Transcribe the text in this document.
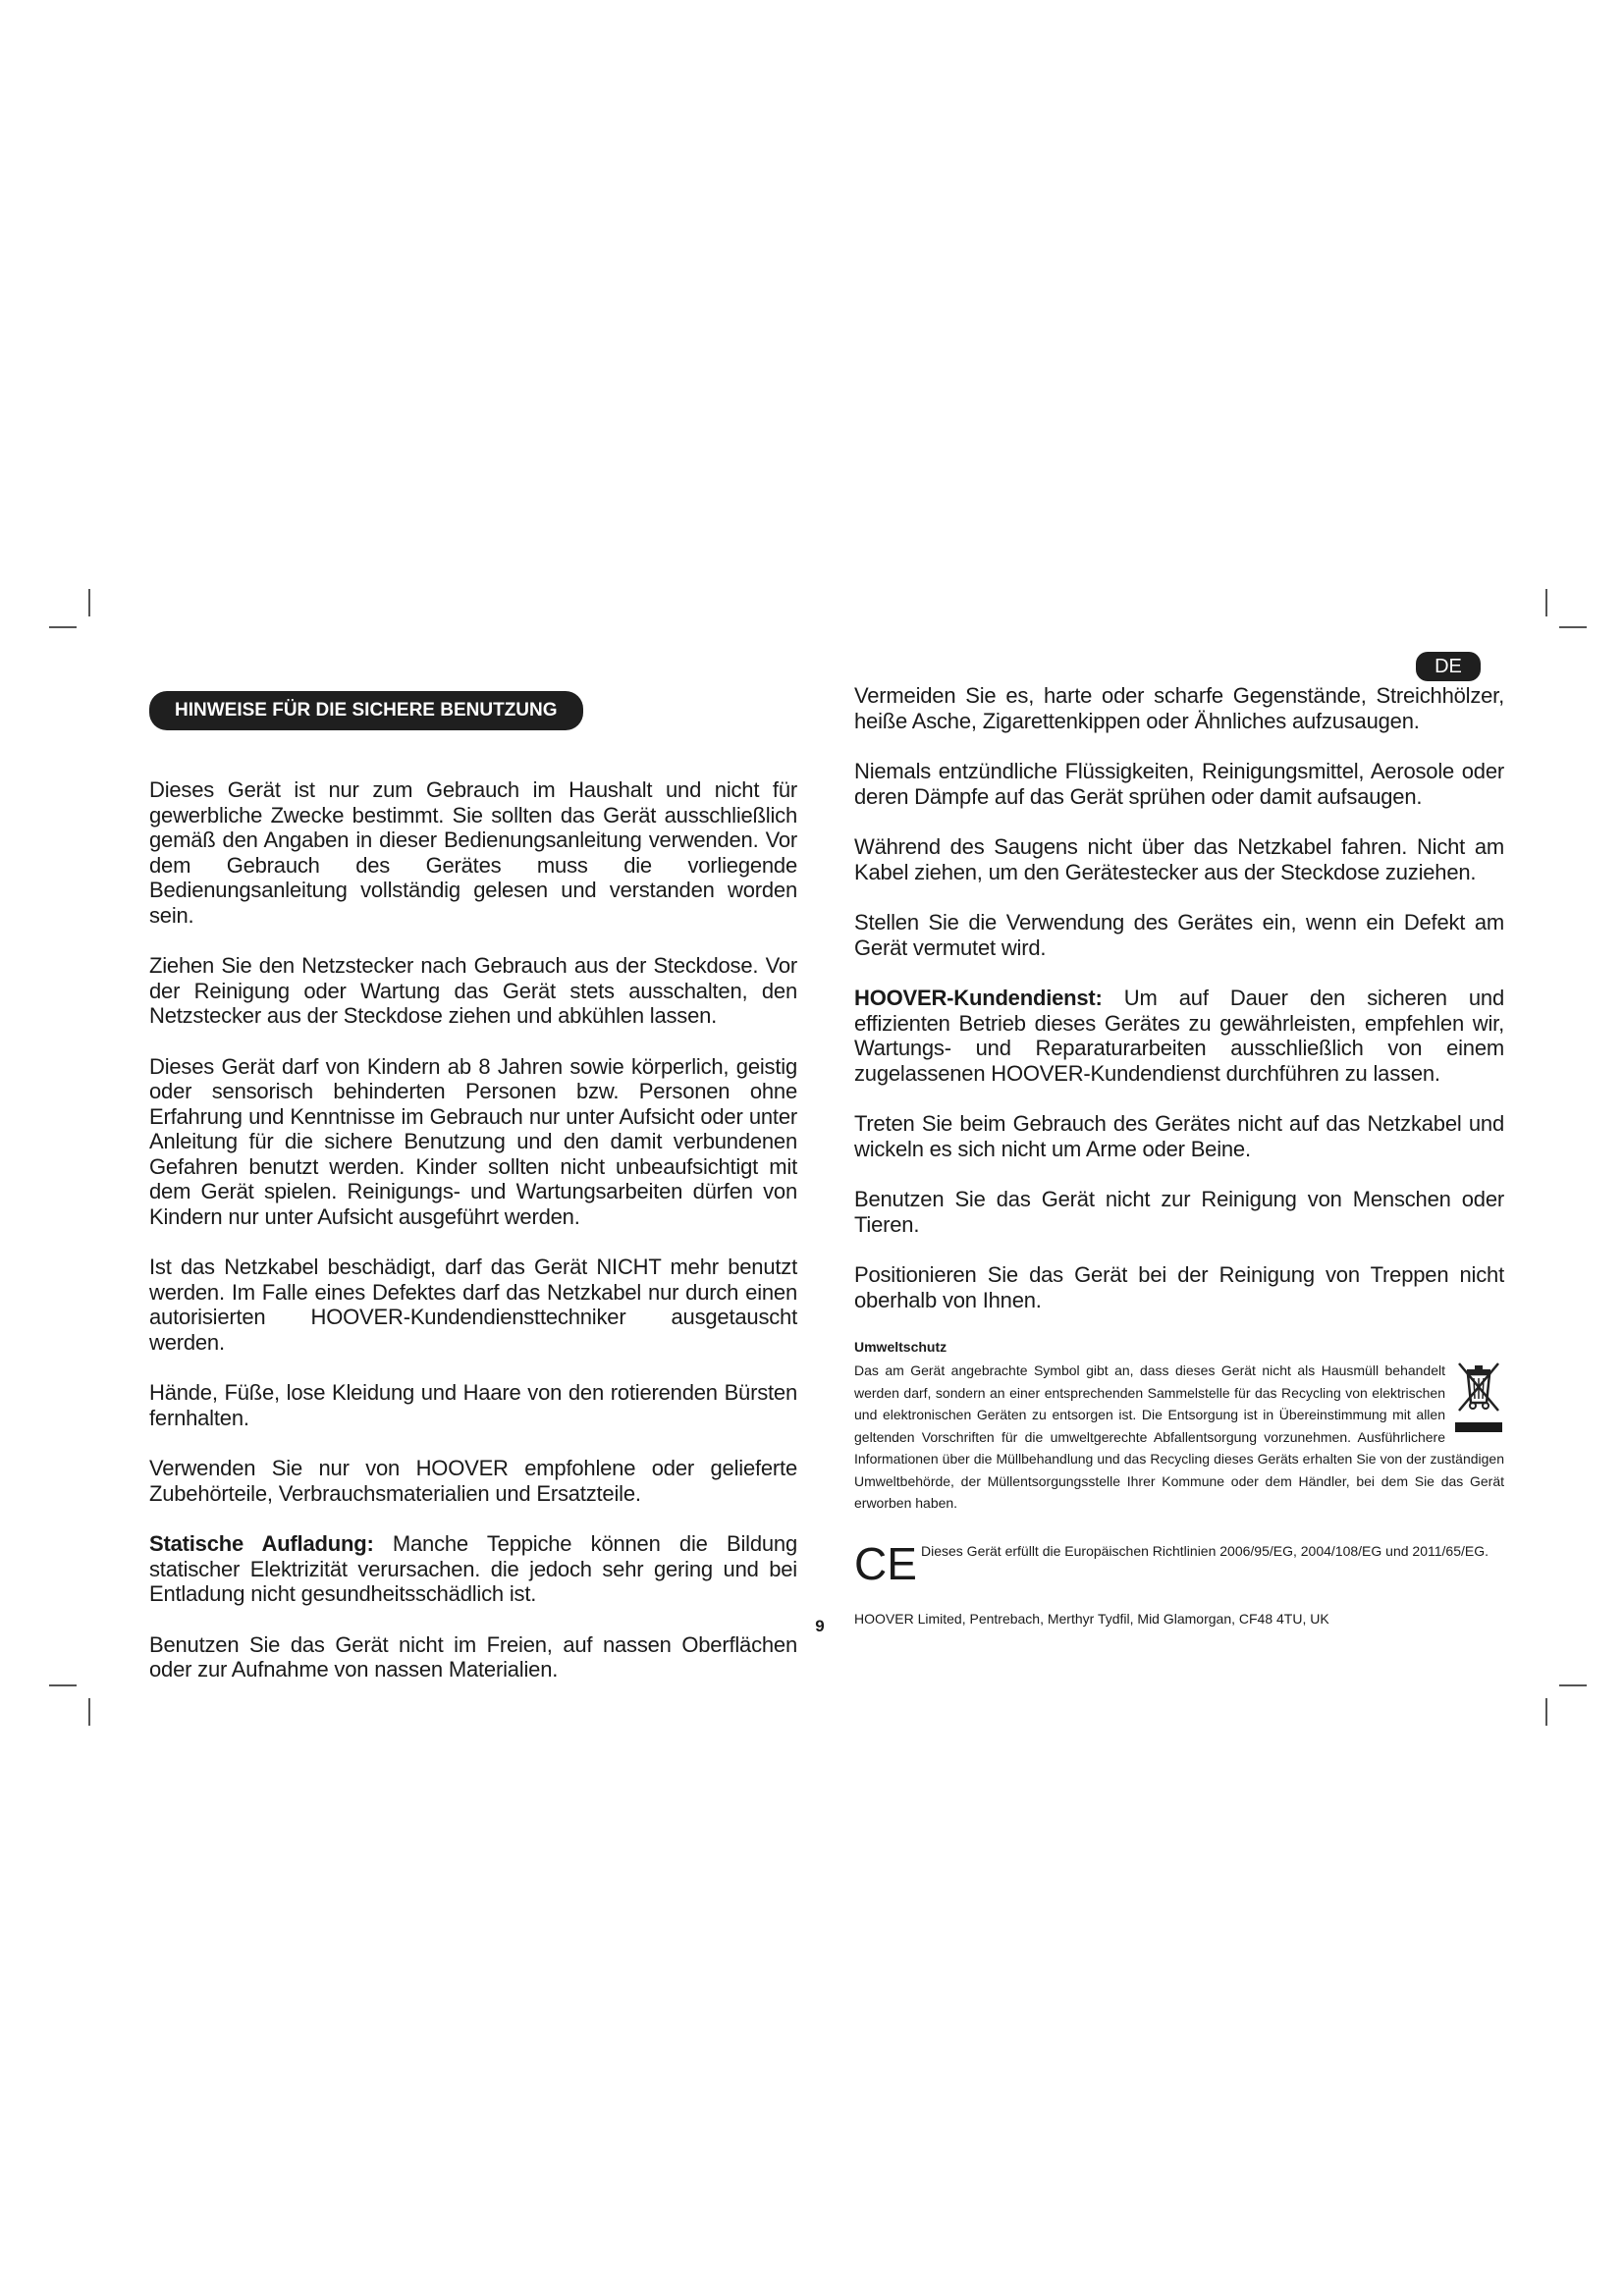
DE
HINWEISE FÜR DIE SICHERE BENUTZUNG

Dieses Gerät ist nur zum Gebrauch im Haushalt und nicht für gewerbliche Zwecke bestimmt. Sie sollten das Gerät ausschließlich gemäß den Angaben in dieser Bedienungsanleitung verwenden. Vor dem Gebrauch des Gerätes muss die vorliegende Bedienungsanleitung vollständig gelesen und verstanden worden sein.

Ziehen Sie den Netzstecker nach Gebrauch aus der Steckdose. Vor der Reinigung oder Wartung das Gerät stets ausschalten, den Netzstecker aus der Steckdose ziehen und abkühlen lassen.

Dieses Gerät darf von Kindern ab 8 Jahren sowie körperlich, geistig oder sensorisch behinderten Personen bzw. Personen ohne Erfahrung und Kenntnisse im Gebrauch nur unter Aufsicht oder unter Anleitung für die sichere Benutzung und den damit verbundenen Gefahren benutzt werden. Kinder sollten nicht unbeaufsichtigt mit dem Gerät spielen. Reinigungs- und Wartungsarbeiten dürfen von Kindern nur unter Aufsicht ausgeführt werden.

Ist das Netzkabel beschädigt, darf das Gerät NICHT mehr benutzt werden. Im Falle eines Defektes darf das Netzkabel nur durch einen autorisierten HOOVER-Kundendiensttechniker ausgetauscht werden.

Hände, Füße, lose Kleidung und Haare von den rotierenden Bürsten fernhalten.

Verwenden Sie nur von HOOVER empfohlene oder gelieferte Zubehörteile, Verbrauchsmaterialien und Ersatzteile.

Statische Aufladung: Manche Teppiche können die Bildung statischer Elektrizität verursachen. die jedoch sehr gering und bei Entladung nicht gesundheitsschädlich ist.

Benutzen Sie das Gerät nicht im Freien, auf nassen Oberflächen oder zur Aufnahme von nassen Materialien.

Vermeiden Sie es, harte oder scharfe Gegenstände, Streichhölzer, heiße Asche, Zigarettenkippen oder Ähnliches aufzusaugen.

Niemals entzündliche Flüssigkeiten, Reinigungsmittel, Aerosole oder deren Dämpfe auf das Gerät sprühen oder damit aufsaugen.

Während des Saugens nicht über das Netzkabel fahren. Nicht am Kabel ziehen, um den Gerätestecker aus der Steckdose zuziehen.

Stellen Sie die Verwendung des Gerätes ein, wenn ein Defekt am Gerät vermutet wird.

HOOVER-Kundendienst: Um auf Dauer den sicheren und effizienten Betrieb dieses Gerätes zu gewährleisten, empfehlen wir, Wartungs- und Reparaturarbeiten ausschließlich von einem zugelassenen HOOVER-Kundendienst durchführen zu lassen.

Treten Sie beim Gebrauch des Gerätes nicht auf das Netzkabel und wickeln es sich nicht um Arme oder Beine.

Benutzen Sie das Gerät nicht zur Reinigung von Menschen oder Tieren.

Positionieren Sie das Gerät bei der Reinigung von Treppen nicht oberhalb von Ihnen.

Umweltschutz

Das am Gerät angebrachte Symbol gibt an, dass dieses Gerät nicht als Hausmüll behandelt werden darf, sondern an einer entsprechenden Sammelstelle für das Recycling von elektrischen und elektronischen Geräten zu entsorgen ist. Die Entsorgung ist in Übereinstimmung mit allen geltenden Vorschriften für die umweltgerechte Abfallentsorgung vorzunehmen. Ausführlichere Informationen über die Müllbehandlung und das Recycling dieses Geräts erhalten Sie von der zuständigen Umweltbehörde, der Müllentsorgungsstelle Ihrer Kommune oder dem Händler, bei dem Sie das Gerät erworben haben.

CE Dieses Gerät erfüllt die Europäischen Richtlinien 2006/95/EG, 2004/108/EG und 2011/65/EG.
HOOVER Limited, Pentrebach, Merthyr Tydfil, Mid Glamorgan, CF48 4TU, UK
9
